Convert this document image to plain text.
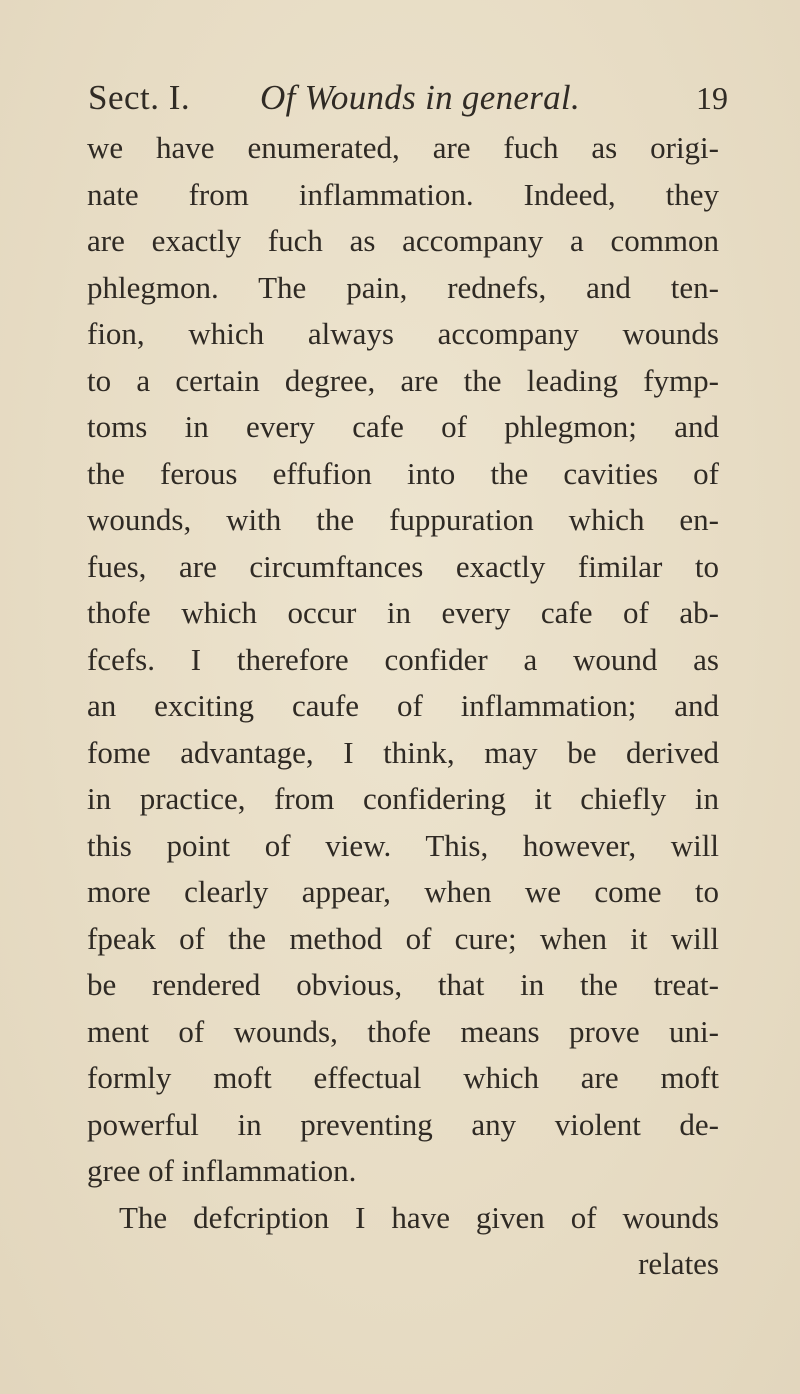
Sect. I. Of Wounds in general.	19
we have enumerated, are fuch as origi-
nate from inflammation. Indeed, they
are exactly fuch as accompany a common
phlegmon. The pain, rednefs, and ten-
fion, which always accompany wounds
to a certain degree, are the leading fymp-
toms in every cafe of phlegmon; and
the ferous effufion into the cavities of
wounds, with the fuppuration which en-
fues, are circumftances exactly fimilar to
thofe which occur in every cafe of ab-
fcefs. I therefore confider a wound as
an exciting caufe of inflammation; and
fome advantage, I think, may be derived
in practice, from confidering it chiefly in
this point of view. This, however, will
more clearly appear, when we come to
fpeak of the method of cure; when it will
be rendered obvious, that in the treat-
ment of wounds, thofe means prove uni-
formly moft effectual which are moft
powerful in preventing any violent de-
gree of inflammation.
The defcription I have given of wounds
relates
